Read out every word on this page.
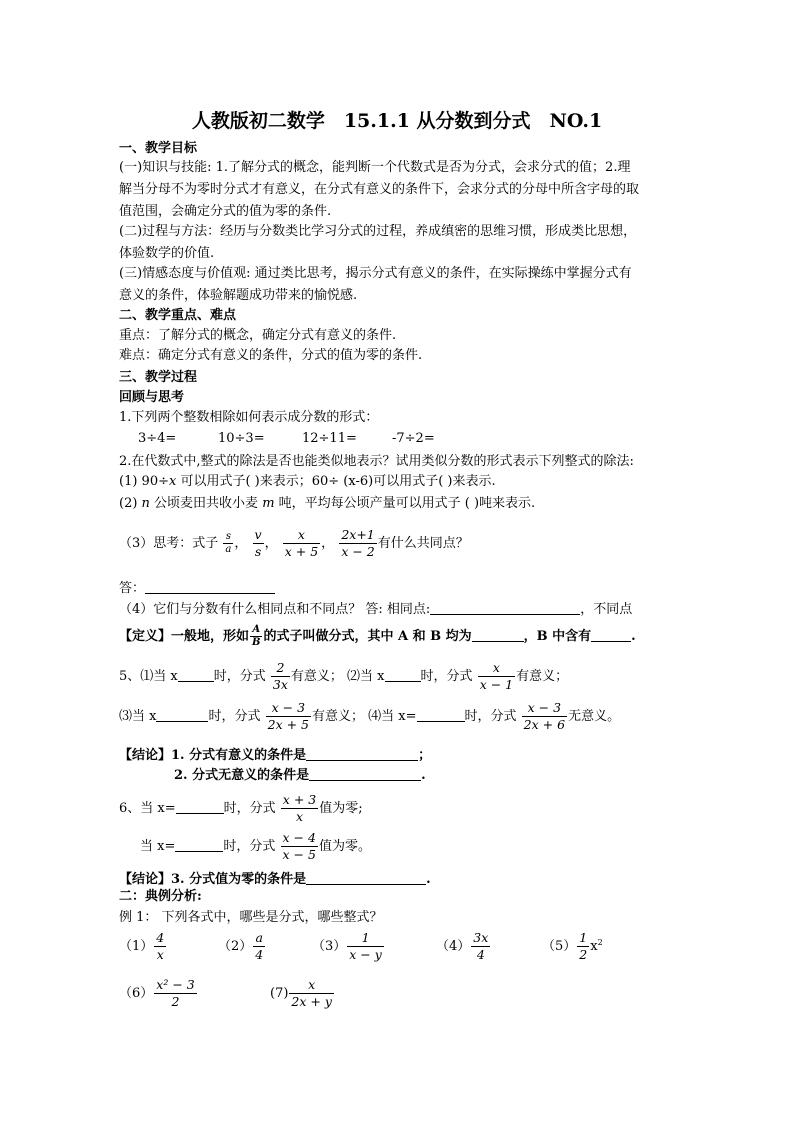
人教版初二数学　15.1.1 从分数到分式　NO.1
一、教学目标
(一)知识与技能: 1.了解分式的概念，能判断一个代数式是否为分式，会求分式的值；2.理
解当分母不为零时分式才有意义，在分式有意义的条件下，会求分式的分母中所含字母的取
值范围，会确定分式的值为零的条件.
(二)过程与方法：经历与分数类比学习分式的过程，养成缜密的思维习惯，形成类比思想，
体验数学的价值.
(三)情感态度与价值观: 通过类比思考，揭示分式有意义的条件，在实际操练中掌握分式有
意义的条件，体验解题成功带来的愉悦感.
二、教学重点、难点
重点：了解分式的概念，确定分式有意义的条件.
难点：确定分式有意义的条件，分式的值为零的条件.
三、教学过程
回顾与思考
1.下列两个整数相除如何表示成分数的形式：
3÷4=	10÷3=	12÷11=	-7÷2=
2.在代数式中,整式的除法是否也能类似地表示？试用类似分数的形式表示下列整式的除法:
(1) 90÷x 可以用式子( )来表示；60÷ (x-6)可以用式子( )来表示.
(2) n 公顷麦田共收小麦 m 吨，平均每公顷产量可以用式子 ( )吨来表示.
（3）思考：式子 $\frac{s}{a}$ ， $\frac{v}{s}$ ， $\frac{x}{x + 5}$ ， $\frac{2x+1}{x - 2}$ 有什么共同点？
答：
（4）它们与分数有什么相同点和不同点？ 答: 相同点:	，不同点
【定义】一般地，形如 $\frac{A}{B}$ 的式子叫做分式，其中 A 和 B 均为	，B 中含有	.
5、⑴当 x	时，分式 $\frac{2}{3x}$ 有意义； ⑵当 x	时，分式 $\frac{x}{x - 1}$ 有意义；
⑶当 x	时，分式 $\frac{x - 3}{2x + 5}$ 有意义； ⑷当 x=	时，分式 $\frac{x - 3}{2x + 6}$ 无意义。
【结论】1. 分式有意义的条件是	；
2. 分式无意义的条件是	.
6、当 x=	时，分式 $\frac{x + 3}{x}$ 值为零;
当 x=	时，分式 $\frac{x - 4}{x - 5}$ 值为零。
【结论】3. 分式值为零的条件是	.
二：典例分析:
例 1： 下列各式中，哪些是分式，哪些整式？
$(1) \frac{4}{x}$	$(2) \frac{a}{4}$	$(3) \frac{1}{x - y}$	$(4) \frac{3x}{4}$	$(5) \frac{1}{2} x^2$
$(6) \frac{\text{x² − 3}}{2}$	$(7) \frac{x}{2x + y}$
